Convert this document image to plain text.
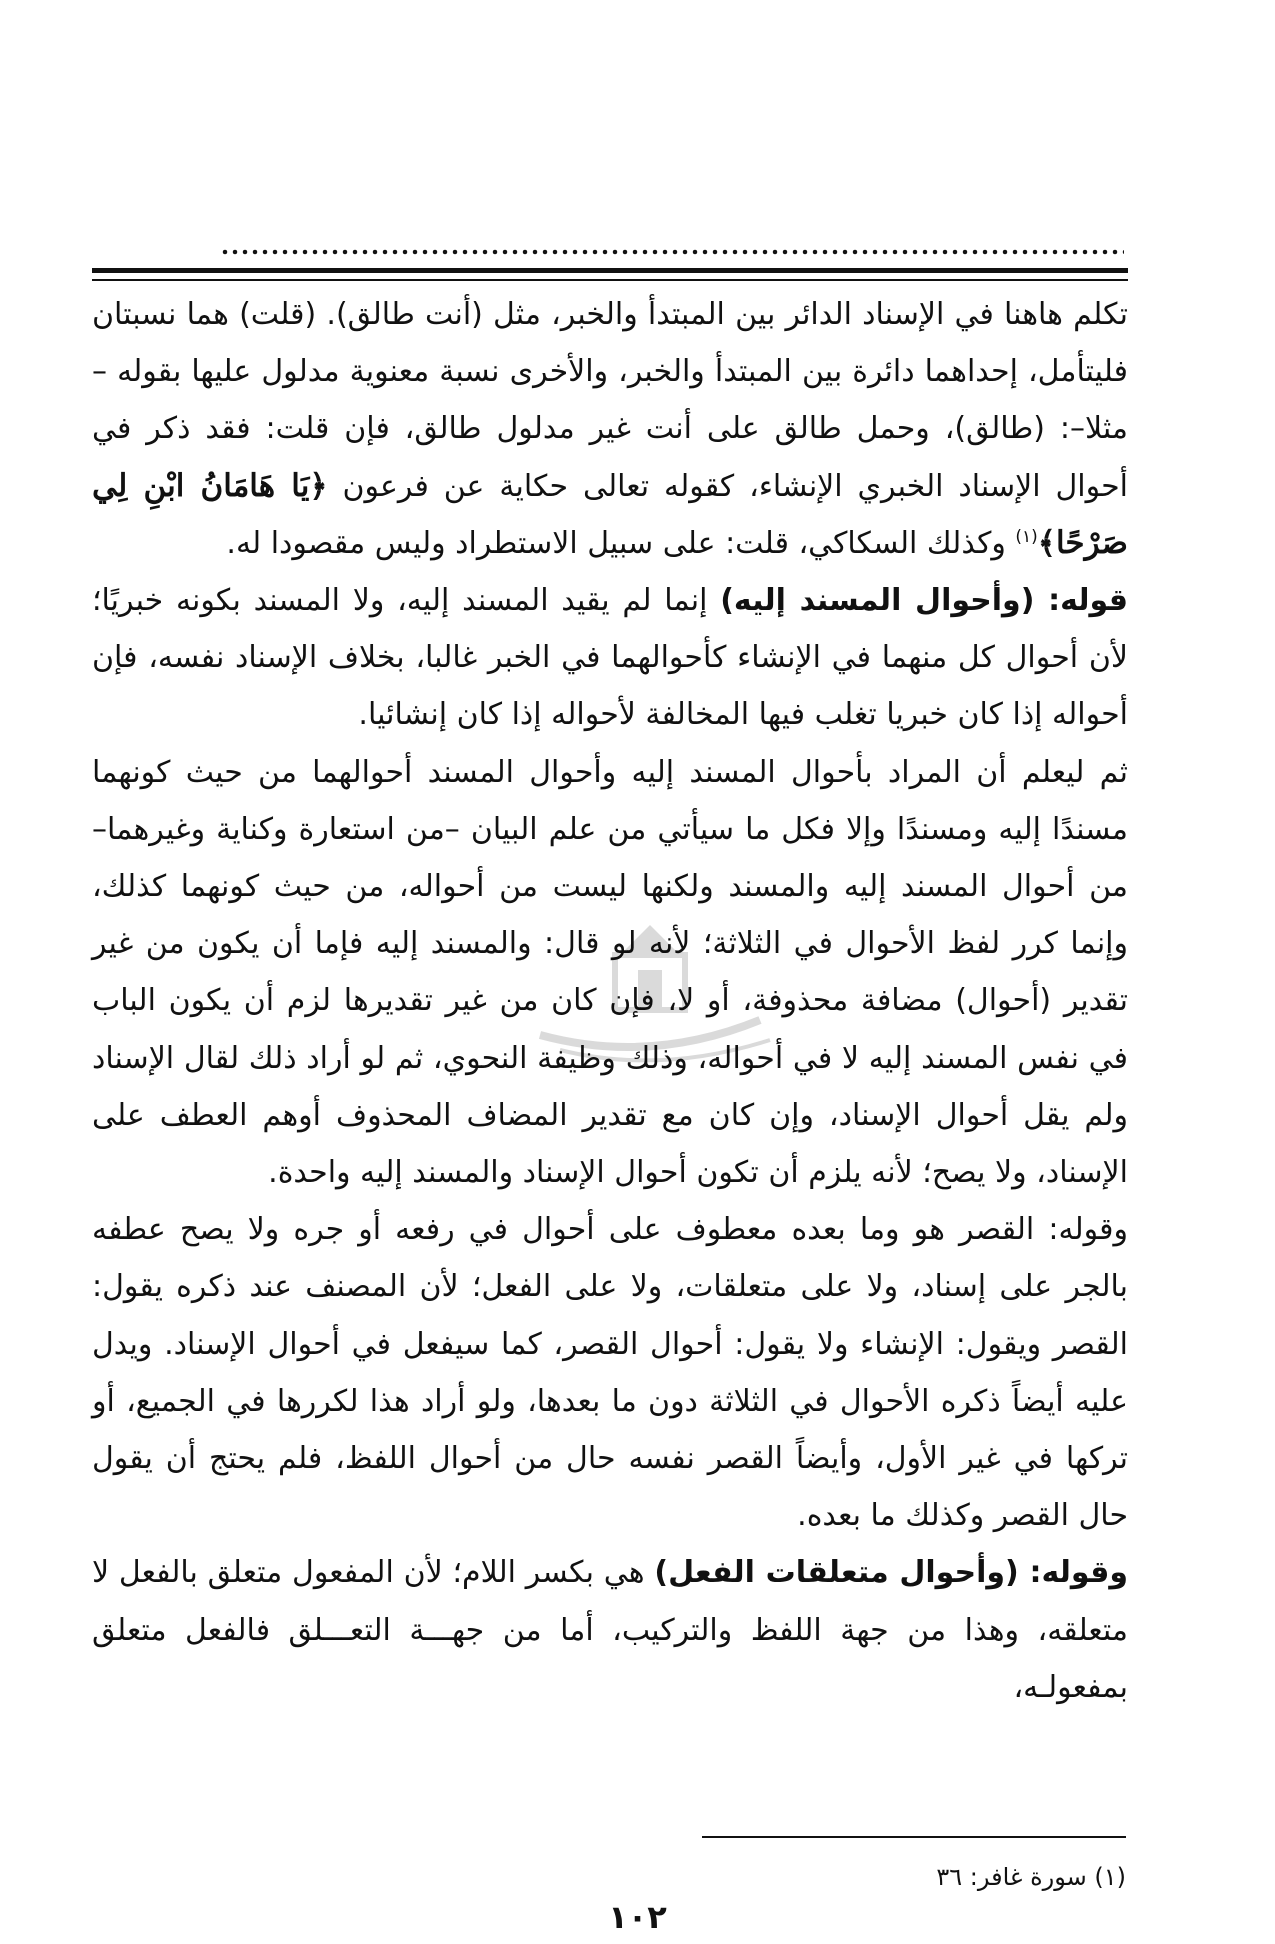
تكلم هاهنا في الإسناد الدائر بين المبتدأ والخبر، مثل (أنت طالق). (قلت) هما نسبتان فليتأمل، إحداهما دائرة بين المبتدأ والخبر، والأخرى نسبة معنوية مدلول عليها بقوله –مثلا–: (طالق)، وحمل طالق على أنت غير مدلول طالق، فإن قلت: فقد ذكر في أحوال الإسناد الخبري الإنشاء، كقوله تعالى حكاية عن فرعون ﴿يَا هَامَانُ ابْنِ لِي صَرْحًا﴾$^{(١)}$ وكذلك السكاكي، قلت: على سبيل الاستطراد وليس مقصودا له.

قوله: (وأحوال المسند إليه) إنما لم يقيد المسند إليه، ولا المسند بكونه خبريًا؛ لأن أحوال كل منهما في الإنشاء كأحوالهما في الخبر غالبا، بخلاف الإسناد نفسه، فإن أحواله إذا كان خبريا تغلب فيها المخالفة لأحواله إذا كان إنشائيا.

ثم ليعلم أن المراد بأحوال المسند إليه وأحوال المسند أحوالهما من حيث كونهما مسندًا إليه ومسندًا وإلا فكل ما سيأتي من علم البيان –من استعارة وكناية وغيرهما– من أحوال المسند إليه والمسند ولكنها ليست من أحواله، من حيث كونهما كذلك، وإنما كرر لفظ الأحوال في الثلاثة؛ لأنه لو قال: والمسند إليه فإما أن يكون من غير تقدير (أحوال) مضافة محذوفة، أو لا، فإن كان من غير تقديرها لزم أن يكون الباب في نفس المسند إليه لا في أحواله، وذلك وظيفة النحوي، ثم لو أراد ذلك لقال الإسناد ولم يقل أحوال الإسناد، وإن كان مع تقدير المضاف المحذوف أوهم العطف على الإسناد، ولا يصح؛ لأنه يلزم أن تكون أحوال الإسناد والمسند إليه واحدة.

وقوله: القصر هو وما بعده معطوف على أحوال في رفعه أو جره ولا يصح عطفه بالجر على إسناد، ولا على متعلقات، ولا على الفعل؛ لأن المصنف عند ذكره يقول: القصر ويقول: الإنشاء ولا يقول: أحوال القصر، كما سيفعل في أحوال الإسناد. ويدل عليه أيضاً ذكره الأحوال في الثلاثة دون ما بعدها، ولو أراد هذا لكررها في الجميع، أو تركها في غير الأول، وأيضاً القصر نفسه حال من أحوال اللفظ، فلم يحتج أن يقول حال القصر وكذلك ما بعده.

وقوله: (وأحوال متعلقات الفعل) هي بكسر اللام؛ لأن المفعول متعلق بالفعل لا متعلقه، وهذا من جهة اللفظ والتركيب، أما من جهـــة التعـــلق فالفعل متعلق بمفعولـه،

(١) سورة غافر: ٣٦
١٠٢
